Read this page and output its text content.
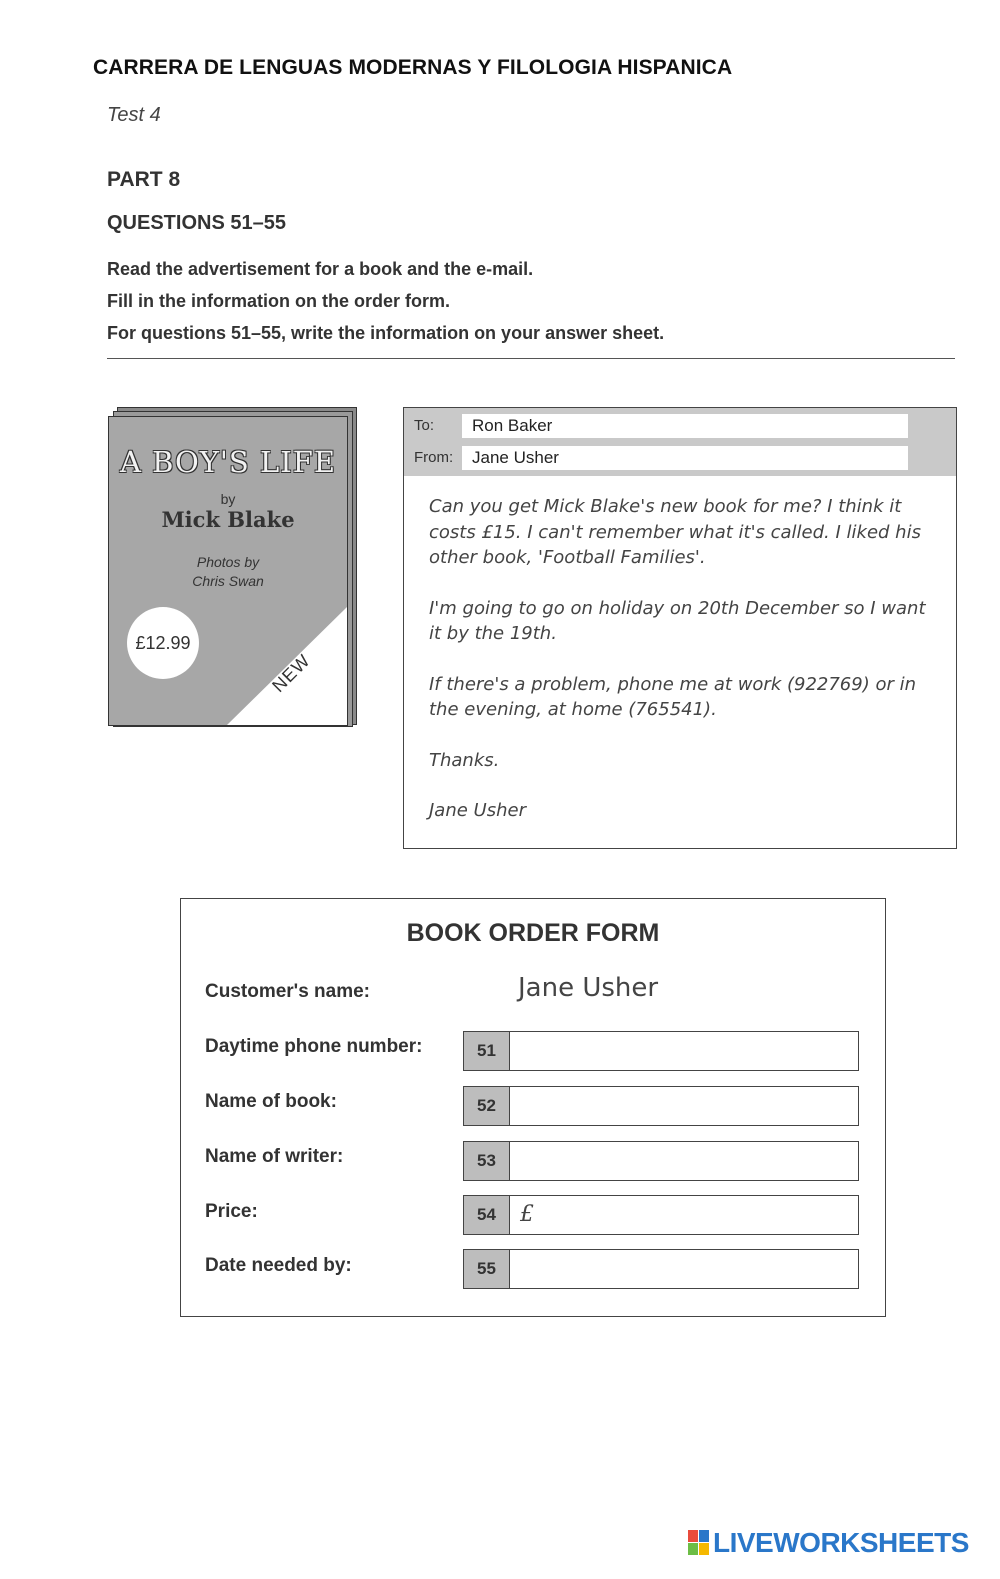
CARRERA DE LENGUAS MODERNAS Y FILOLOGIA HISPANICA
Test 4
PART 8
QUESTIONS 51–55
Read the advertisement for a book and the e-mail.
Fill in the information on the order form.
For questions 51–55, write the information on your answer sheet.
A BOY'S LIFE
by
Mick Blake
Photos by
Chris Swan
£12.99
NEW
To:	Ron Baker
From:	Jane Usher

Can you get Mick Blake's new book for me? I think it costs £15. I can't remember what it's called. I liked his other book, 'Football Families'.

I'm going to go on holiday on 20th December so I want it by the 19th.

If there's a problem, phone me at work (922769) or in the evening, at home (765541).

Thanks.

Jane Usher

BOOK ORDER FORM
Customer's name:	Jane Usher
Daytime phone number:	51
Name of book:	52
Name of writer:	53
Price:	54	£
Date needed by:	55
LIVEWORKSHEETS
